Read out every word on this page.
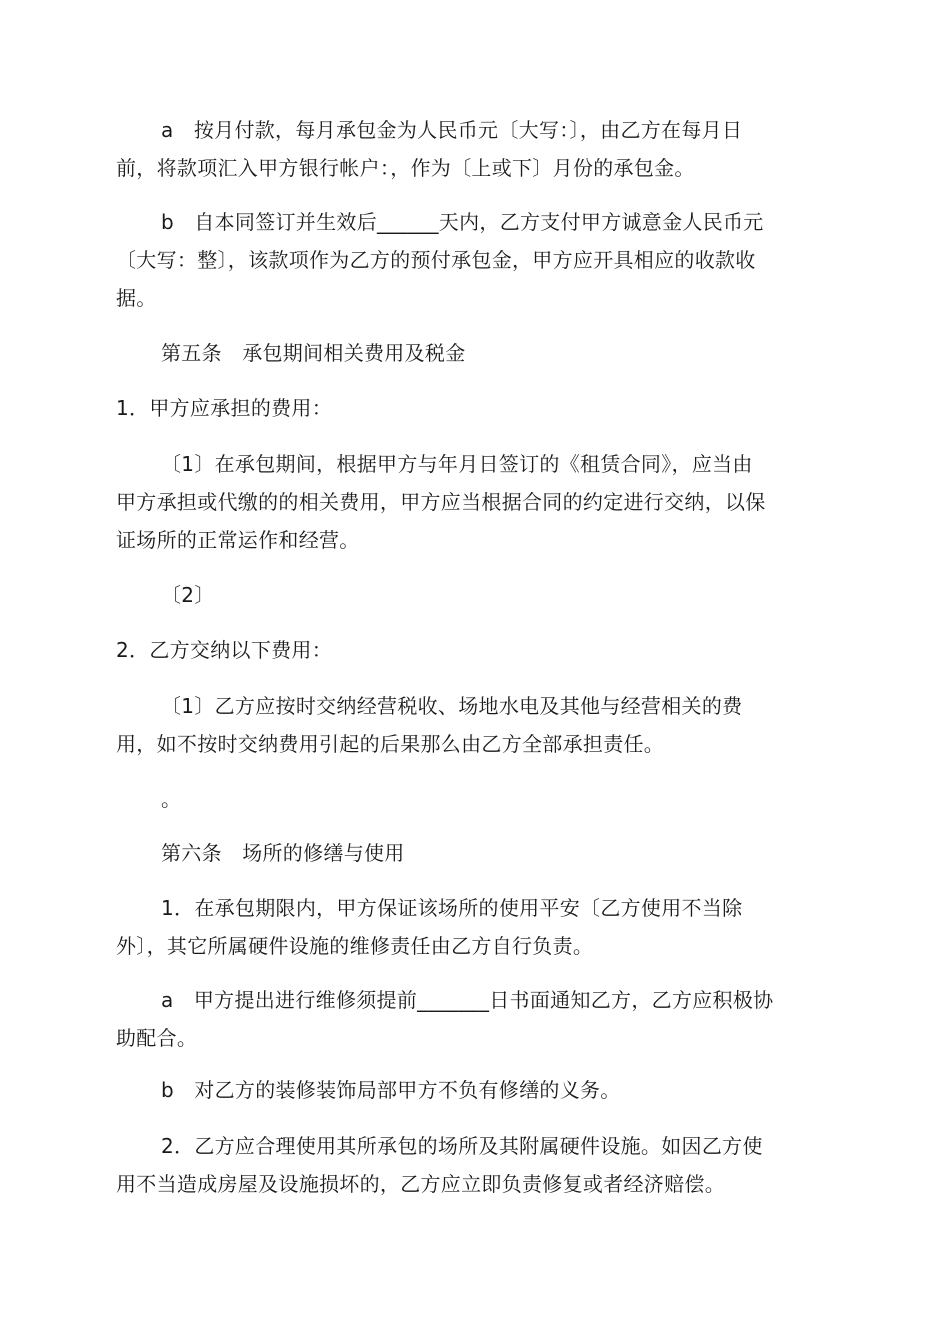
a　按月付款，每月承包金为人民币元〔大写：〕，由乙方在每月日
前，将款项汇入甲方银行帐户：，作为〔上或下〕月份的承包金。
b　自本同签订并生效后______天内，乙方支付甲方诚意金人民币元
〔大写：整〕，该款项作为乙方的预付承包金，甲方应开具相应的收款收
据。
第五条　承包期间相关费用及税金
1．甲方应承担的费用：
〔1〕在承包期间，根据甲方与年月日签订的《租赁合同》，应当由
甲方承担或代缴的的相关费用，甲方应当根据合同的约定进行交纳，以保
证场所的正常运作和经营。
〔2〕
2．乙方交纳以下费用：
〔1〕乙方应按时交纳经营税收、场地水电及其他与经营相关的费
用，如不按时交纳费用引起的后果那么由乙方全部承担责任。
。
第六条　场所的修缮与使用
1．在承包期限内，甲方保证该场所的使用平安〔乙方使用不当除
外〕，其它所属硬件设施的维修责任由乙方自行负责。
a　甲方提出进行维修须提前_______日书面通知乙方，乙方应积极协
助配合。
b　对乙方的装修装饰局部甲方不负有修缮的义务。
2．乙方应合理使用其所承包的场所及其附属硬件设施。如因乙方使
用不当造成房屋及设施损坏的，乙方应立即负责修复或者经济赔偿。
